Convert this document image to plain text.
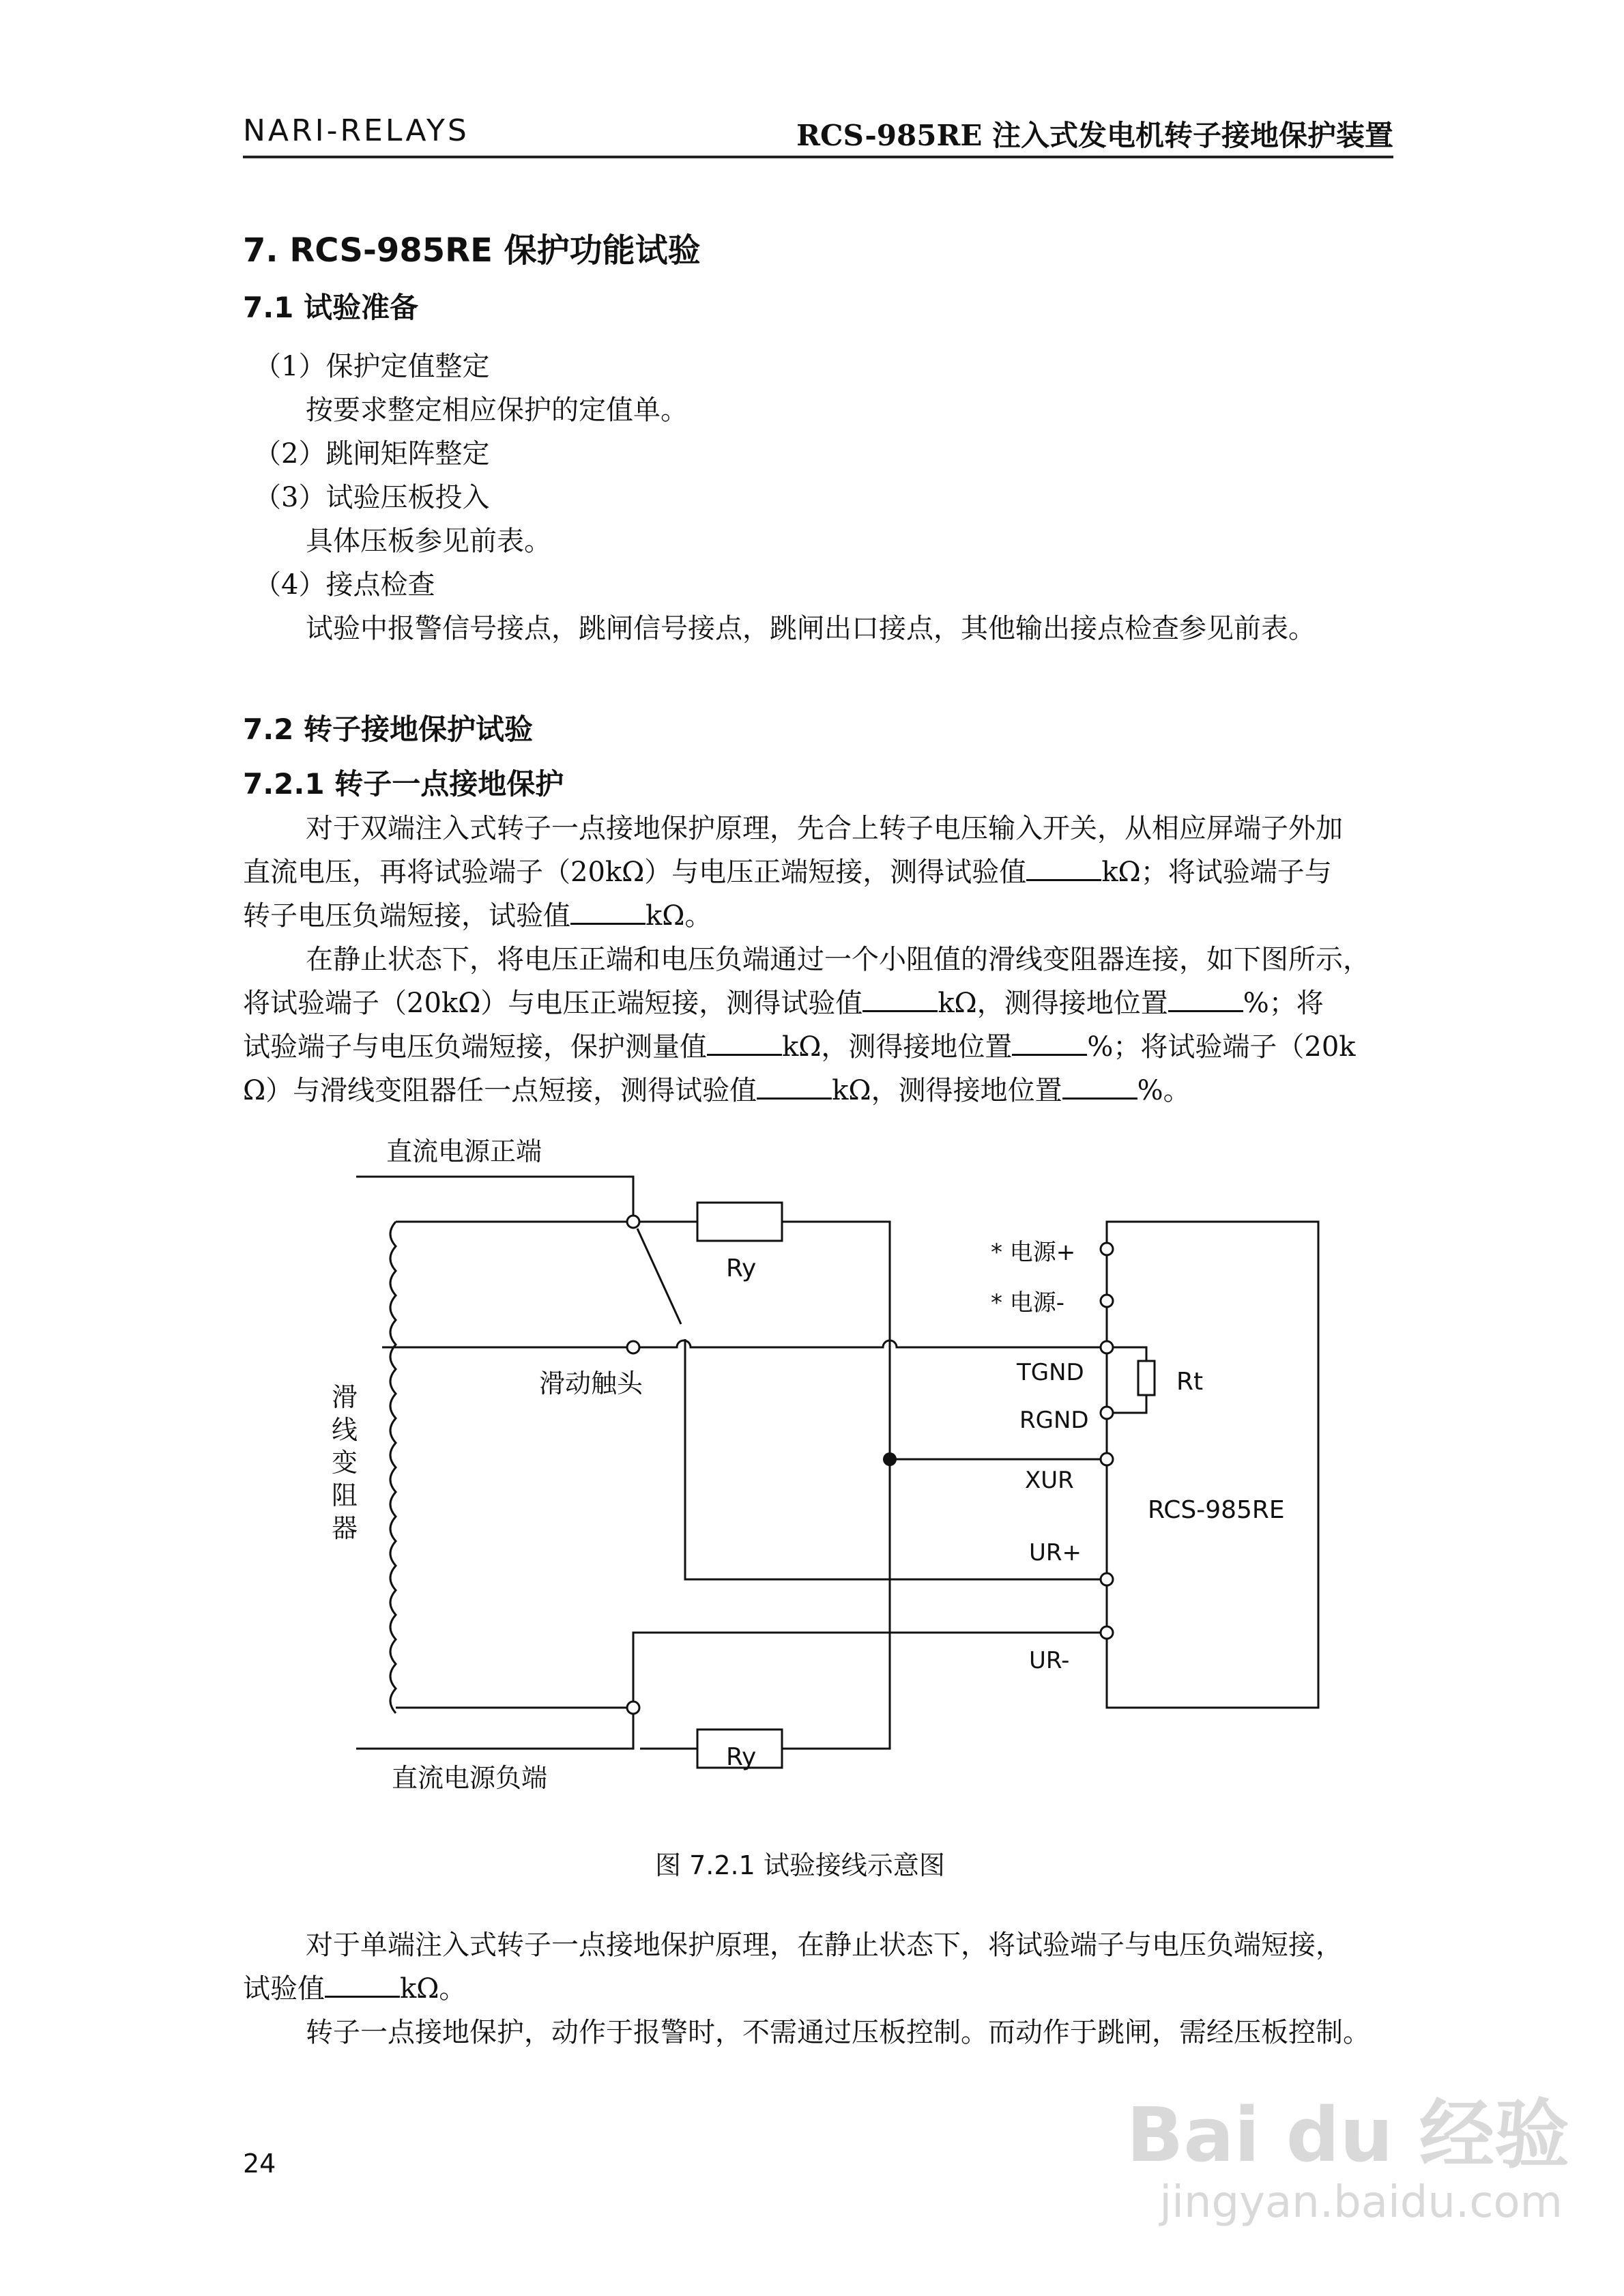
NARI-RELAYS	RCS-985RE 注入式发电机转子接地保护装置
7. RCS-985RE 保护功能试验
7.1 试验准备
（1）保护定值整定
按要求整定相应保护的定值单。
（2）跳闸矩阵整定
（3）试验压板投入
具体压板参见前表。
（4）接点检查
试验中报警信号接点，跳闸信号接点，跳闸出口接点，其他输出接点检查参见前表。
7.2 转子接地保护试验
7.2.1 转子一点接地保护
对于双端注入式转子一点接地保护原理，先合上转子电压输入开关，从相应屏端子外加
直流电压，再将试验端子（20kΩ）与电压正端短接，测得试验值	kΩ；将试验端子与
转子电压负端短接，试验值	kΩ。
在静止状态下，将电压正端和电压负端通过一个小阻值的滑线变阻器连接，如下图所示，
将试验端子（20kΩ）与电压正端短接，测得试验值	kΩ，测得接地位置	%；将
试验端子与电压负端短接，保护测量值	kΩ，测得接地位置	%；将试验端子（20k
Ω）与滑线变阻器任一点短接，测得试验值	kΩ，测得接地位置	%。
直流电源正端
直流电源负端
Ry
Ry
滑动触头
滑
线
变
阻
器
* 电源+
* 电源-
TGND
RGND
Rt
XUR
UR+
UR-
RCS-985RE
图 7.2.1 试验接线示意图
对于单端注入式转子一点接地保护原理，在静止状态下，将试验端子与电压负端短接，
试验值	kΩ。
转子一点接地保护，动作于报警时，不需通过压板控制。而动作于跳闸，需经压板控制。
24	Bai du 经验
jingyan.baidu.com
